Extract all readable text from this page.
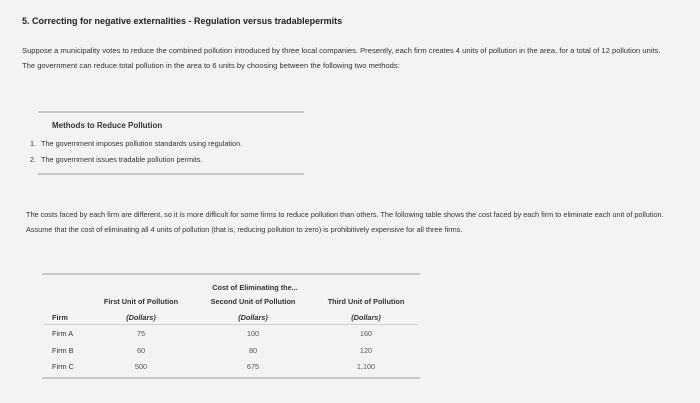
5. Correcting for negative externalities - Regulation versus tradablepermits
Suppose a municipality votes to reduce the combined pollution introduced by three local companies. Presently, each firm creates 4 units of pollution in the area, for a total of 12 pollution units. The government can reduce total pollution in the area to 6 units by choosing between the following two methods:
Methods to Reduce Pollution
1. The government imposes pollution standards using regulation.
2. The government issues tradable pollution permits.
The costs faced by each firm are different, so it is more difficult for some firms to reduce pollution than others. The following table shows the cost faced by each firm to eliminate each unit of pollution. Assume that the cost of eliminating all 4 units of pollution (that is, reducing pollution to zero) is prohibitively expensive for all three firms.
Cost of Eliminating the...
First Unit of Pollution	Second Unit of Pollution	Third Unit of Pollution
Firm	(Dollars)	(Dollars)	(Dollars)
Firm A	75	100	160
Firm B	60	80	120
Firm C	500	675	1,100
